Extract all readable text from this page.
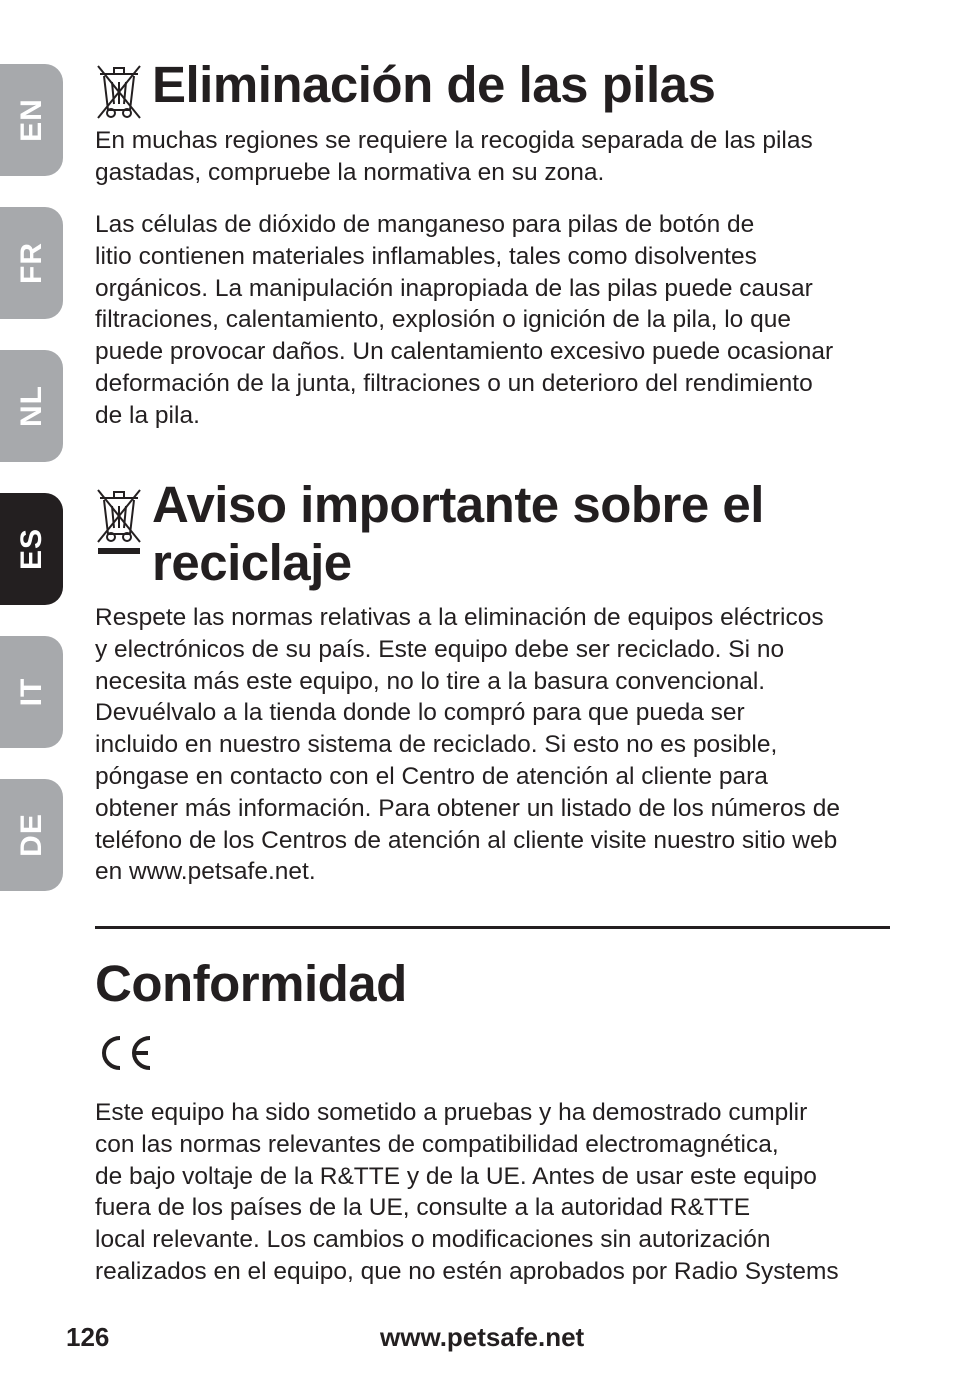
EN
FR
NL
ES
IT
DE
Eliminación de las pilas

En muchas regiones se requiere la recogida separada de las pilas
gastadas, compruebe la normativa en su zona.

Las células de dióxido de manganeso para pilas de botón de
litio contienen materiales inflamables, tales como disolventes
orgánicos. La manipulación inapropiada de las pilas puede causar
filtraciones, calentamiento, explosión o ignición de la pila, lo que
puede provocar daños. Un calentamiento excesivo puede ocasionar
deformación de la junta, filtraciones o un deterioro del rendimiento
de la pila.

Aviso importante sobre el
reciclaje

Respete las normas relativas a la eliminación de equipos eléctricos
y electrónicos de su país. Este equipo debe ser reciclado. Si no
necesita más este equipo, no lo tire a la basura convencional.
Devuélvalo a la tienda donde lo compró para que pueda ser
incluido en nuestro sistema de reciclado. Si esto no es posible,
póngase en contacto con el Centro de atención al cliente para
obtener más información. Para obtener un listado de los números de
teléfono de los Centros de atención al cliente visite nuestro sitio web
en www.petsafe.net.

Conformidad

Este equipo ha sido sometido a pruebas y ha demostrado cumplir
con las normas relevantes de compatibilidad electromagnética,
de bajo voltaje de la R&TTE y de la UE. Antes de usar este equipo
fuera de los países de la UE, consulte a la autoridad R&TTE
local relevante. Los cambios o modificaciones sin autorización
realizados en el equipo, que no estén aprobados por Radio Systems

126	www.petsafe.net
